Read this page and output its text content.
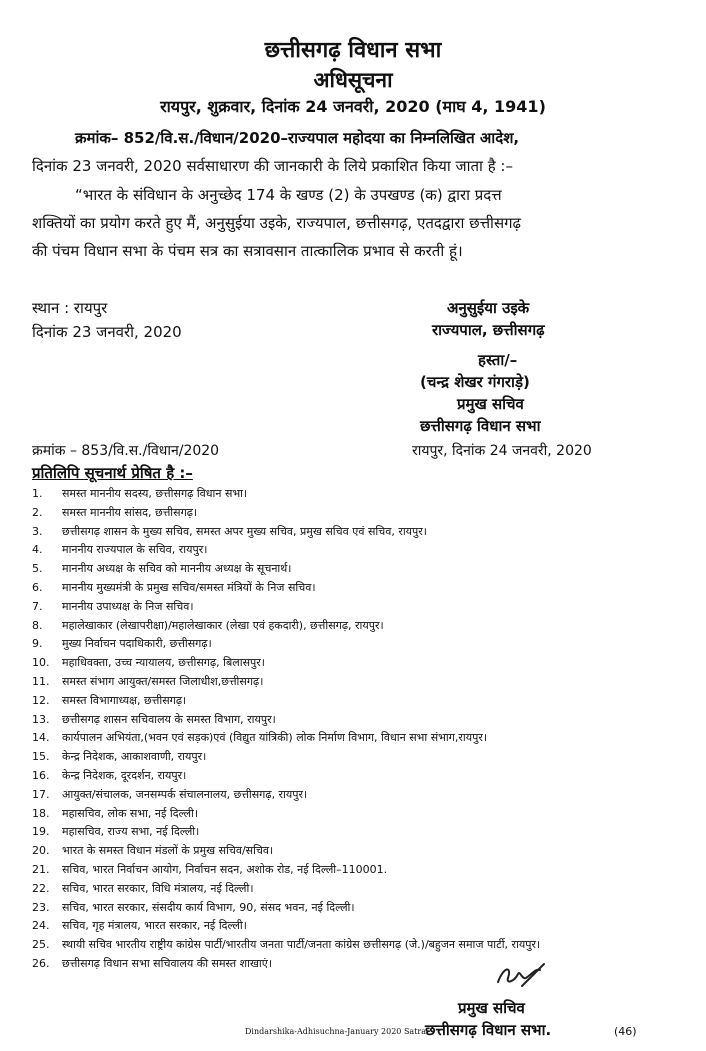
छत्तीसगढ़ विधान सभा
अधिसूचना
रायपुर, शुक्रवार, दिनांक 24 जनवरी, 2020 (माघ 4, 1941)
क्रमांक– 852/वि.स./विधान/2020–राज्यपाल महोदया का निम्नलिखित आदेश,
दिनांक 23 जनवरी, 2020 सर्वसाधारण की जानकारी के लिये प्रकाशित किया जाता है :–
“भारत के संविधान के अनुच्छेद 174 के खण्ड (2) के उपखण्ड (क) द्वारा प्रदत्त
शक्तियों का प्रयोग करते हुए मैं, अनुसुईया उइके, राज्यपाल, छत्तीसगढ़, एतदद्वारा छत्तीसगढ़
की पंचम विधान सभा के पंचम सत्र का सत्रावसान तात्कालिक प्रभाव से करती हूं।
स्थान : रायपुर
दिनांक 23 जनवरी, 2020
अनुसुईया उइके
राज्यपाल, छत्तीसगढ़
हस्ता/–
(चन्द्र शेखर गंगराड़े)
प्रमुख सचिव
छत्तीसगढ़ विधान सभा
क्रमांक – 853/वि.स./विधान/2020	रायपुर, दिनांक 24 जनवरी, 2020
प्रतिलिपि सूचनार्थ प्रेषित है :–
1. समस्त माननीय सदस्य, छत्तीसगढ़ विधान सभा।
2. समस्त माननीय सांसद, छत्तीसगढ़।
3. छत्तीसगढ़ शासन के मुख्य सचिव, समस्त अपर मुख्य सचिव, प्रमुख सचिव एवं सचिव, रायपुर।
4. माननीय राज्यपाल के सचिव, रायपुर।
5. माननीय अध्यक्ष के सचिव को माननीय अध्यक्ष के सूचनार्थ।
6. माननीय मुख्यमंत्री के प्रमुख सचिव/समस्त मंत्रियों के निज सचिव।
7. माननीय उपाध्यक्ष के निज सचिव।
8. महालेखाकार (लेखापरीक्षा)/महालेखाकार (लेखा एवं हकदारी), छत्तीसगढ़, रायपुर।
9. मुख्य निर्वाचन पदाधिकारी, छत्तीसगढ़।
10. महाधिवक्ता, उच्च न्यायालय, छत्तीसगढ़, बिलासपुर।
11. समस्त संभाग आयुक्त/समस्त जिलाधीश,छत्तीसगढ़।
12. समस्त विभागाध्यक्ष, छत्तीसगढ़।
13. छत्तीसगढ़ शासन सचिवालय के समस्त विभाग, रायपुर।
14. कार्यपालन अभियंता,(भवन एवं सड़क)एवं (विद्युत यांत्रिकी) लोक निर्माण विभाग, विधान सभा संभाग,रायपुर।
15. केन्द्र निदेशक, आकाशवाणी, रायपुर।
16. केन्द्र निदेशक, दूरदर्शन, रायपुर।
17. आयुक्त/संचालक, जनसम्पर्क संचालनालय, छत्तीसगढ़, रायपुर।
18. महासचिव, लोक सभा, नई दिल्ली।
19. महासचिव, राज्य सभा, नई दिल्ली।
20. भारत के समस्त विधान मंडलों के प्रमुख सचिव/सचिव।
21. सचिव, भारत निर्वाचन आयोग, निर्वाचन सदन, अशोक रोड, नई दिल्ली–110001.
22. सचिव, भारत सरकार, विधि मंत्रालय, नई दिल्ली।
23. सचिव, भारत सरकार, संसदीय कार्य विभाग, 90, संसद भवन, नई दिल्ली।
24. सचिव, गृह मंत्रालय, भारत सरकार, नई दिल्ली।
25. स्थायी सचिव भारतीय राष्ट्रीय कांग्रेस पार्टी/भारतीय जनता पार्टी/जनता कांग्रेस छत्तीसगढ़ (जे.)/बहुजन समाज पार्टी, रायपुर।
26. छत्तीसगढ़ विधान सभा सचिवालय की समस्त शाखाएं।
प्रमुख सचिव
छत्तीसगढ़ विधान सभा.
Dindarshika-Adhisuchna-January 2020 Satra	(46)
